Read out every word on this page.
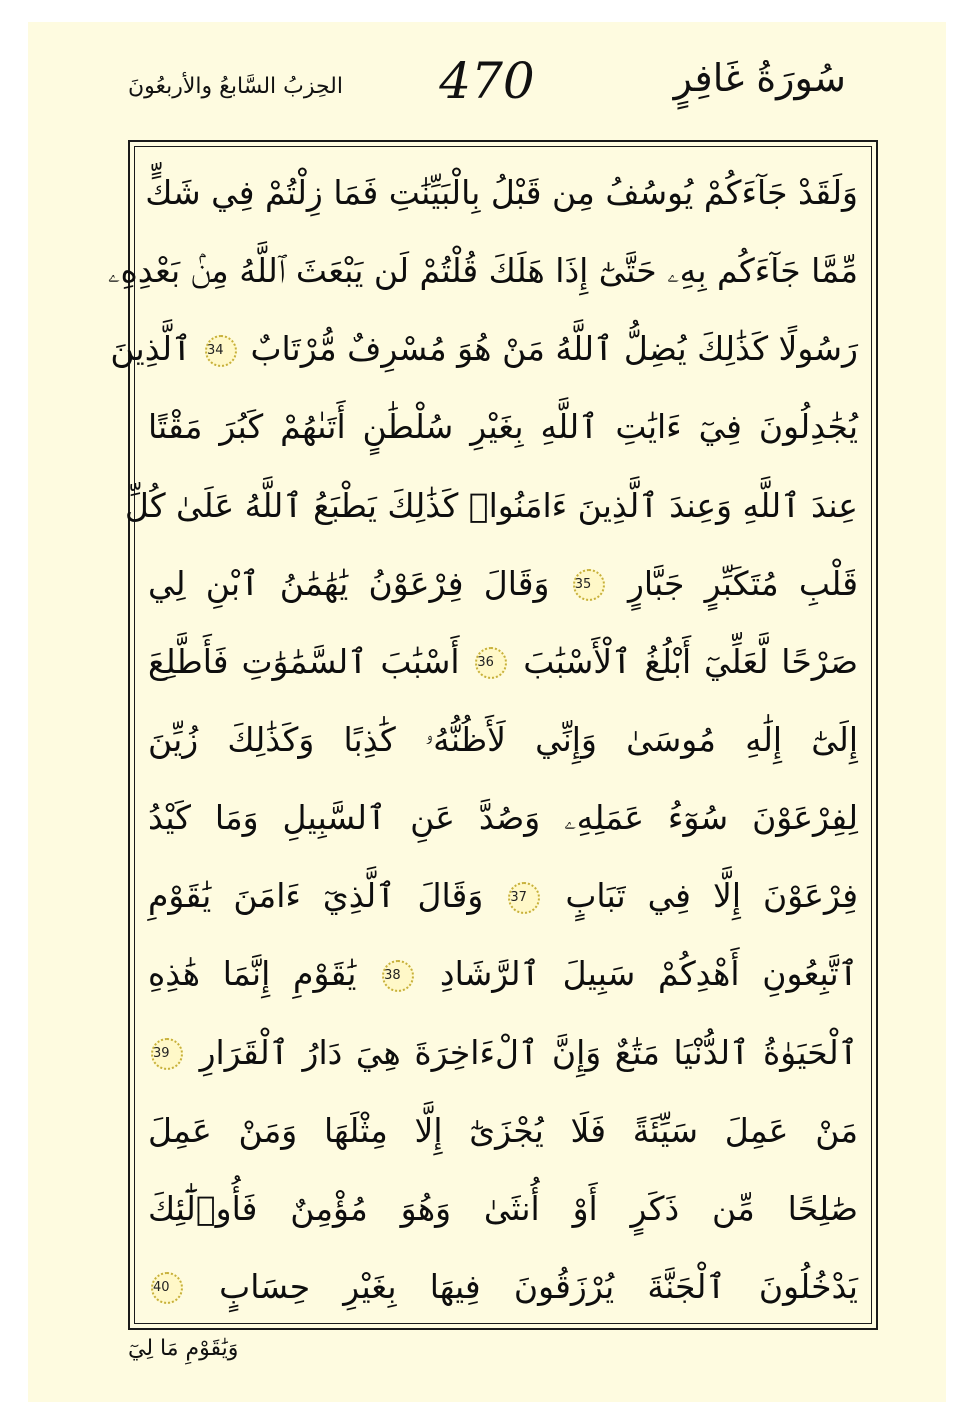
سُورَةُ غَافِرٍ
470
الحِزبُ السَّابعُ والأربعُونَ
وَلَقَدْ جَآءَكُمْ يُوسُفُ مِن قَبْلُ بِالْبَيِّنَٰتِ فَمَا زِلْتُمْ فِي شَكٍّ
مِّمَّا جَآءَكُم بِهِۦ حَتَّىٰٓ إِذَا هَلَكَ قُلْتُمْ لَن يَبْعَثَ ٱللَّهُ مِنۢ بَعْدِهِۦ
رَسُولًا كَذَٰلِكَ يُضِلُّ ٱللَّهُ مَنْ هُوَ مُسْرِفٌ مُّرْتَابٌ 34 ٱلَّذِينَ
يُجَٰدِلُونَ فِيٓ ءَايَٰتِ ٱللَّهِ بِغَيْرِ سُلْطَٰنٍ أَتَىٰهُمْ كَبُرَ مَقْتًا
عِندَ ٱللَّهِ وَعِندَ ٱلَّذِينَ ءَامَنُوا۟ كَذَٰلِكَ يَطْبَعُ ٱللَّهُ عَلَىٰ كُلِّ
قَلْبِ مُتَكَبِّرٍ جَبَّارٍ 35 وَقَالَ فِرْعَوْنُ يَٰهَٰمَٰنُ ٱبْنِ لِي
صَرْحًا لَّعَلِّيٓ أَبْلُغُ ٱلْأَسْبَٰبَ 36 أَسْبَٰبَ ٱلسَّمَٰوَٰتِ فَأَطَّلِعَ
إِلَىٰٓ إِلَٰهِ مُوسَىٰ وَإِنِّي لَأَظُنُّهُۥ كَٰذِبًا وَكَذَٰلِكَ زُيِّنَ
لِفِرْعَوْنَ سُوٓءُ عَمَلِهِۦ وَصُدَّ عَنِ ٱلسَّبِيلِ وَمَا كَيْدُ
فِرْعَوْنَ إِلَّا فِي تَبَابٍ 37 وَقَالَ ٱلَّذِيٓ ءَامَنَ يَٰقَوْمِ
ٱتَّبِعُونِ أَهْدِكُمْ سَبِيلَ ٱلرَّشَادِ 38 يَٰقَوْمِ إِنَّمَا هَٰذِهِ
ٱلْحَيَوٰةُ ٱلدُّنْيَا مَتَٰعٌ وَإِنَّ ٱلْءَاخِرَةَ هِيَ دَارُ ٱلْقَرَارِ 39
مَنْ عَمِلَ سَيِّئَةً فَلَا يُجْزَىٰٓ إِلَّا مِثْلَهَا وَمَنْ عَمِلَ
صَٰلِحًا مِّن ذَكَرٍ أَوْ أُنثَىٰ وَهُوَ مُؤْمِنٌ فَأُو۟لَٰٓئِكَ
يَدْخُلُونَ ٱلْجَنَّةَ يُرْزَقُونَ فِيهَا بِغَيْرِ حِسَابٍ 40
وَيَٰقَوْمِ مَا لِيٓ
